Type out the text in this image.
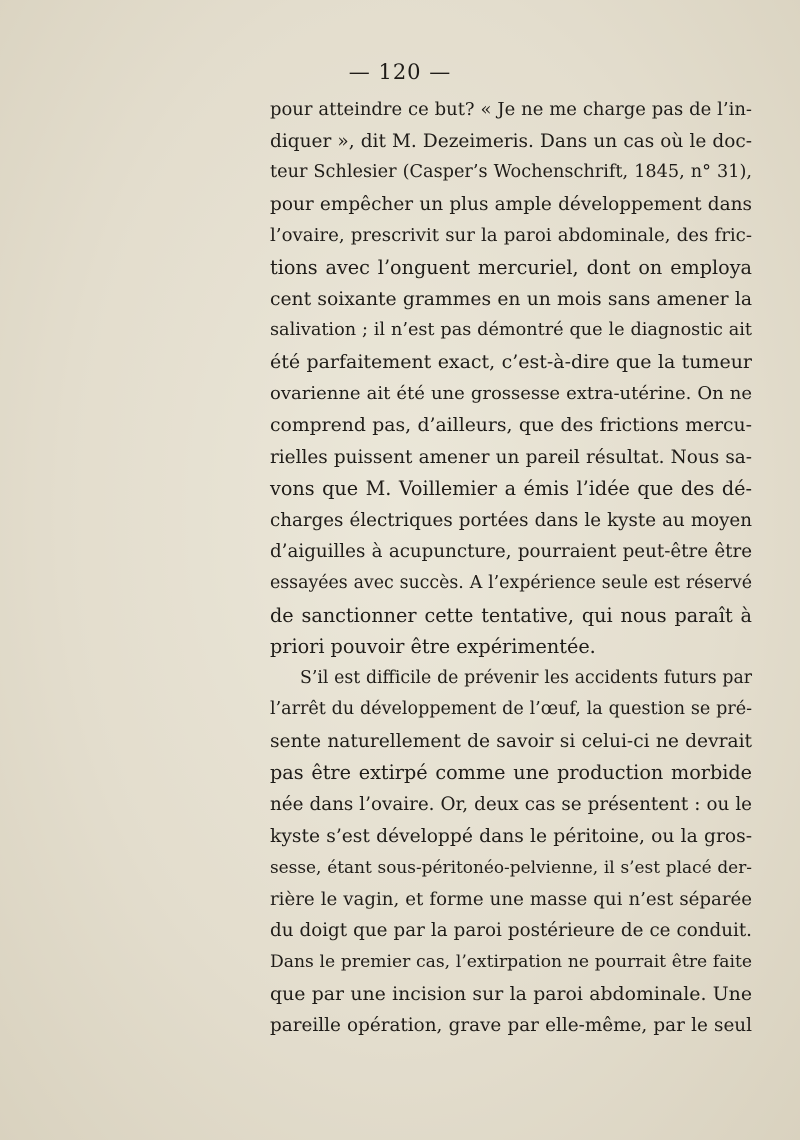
— 120 —
pour atteindre ce but? « Je ne me charge pas de l’in-
diquer », dit M. Dezeimeris. Dans un cas où le doc-
teur Schlesier (Casper’s Wochenschrift, 1845, n° 31),
pour empêcher un plus ample développement dans
l’ovaire, prescrivit sur la paroi abdominale, des fric-
tions avec l’onguent mercuriel, dont on employa
cent soixante grammes en un mois sans amener la
salivation ; il n’est pas démontré que le diagnostic ait
été parfaitement exact, c’est-à-dire que la tumeur
ovarienne ait été une grossesse extra-utérine. On ne
comprend pas, d’ailleurs, que des frictions mercu-
rielles puissent amener un pareil résultat. Nous sa-
vons que M. Voillemier a émis l’idée que des dé-
charges électriques portées dans le kyste au moyen
d’aiguilles à acupuncture, pourraient peut-être être
essayées avec succès. A l’expérience seule est réservé
de sanctionner cette tentative, qui nous paraît à
priori pouvoir être expérimentée.
S’il est difficile de prévenir les accidents futurs par
l’arrêt du développement de l’œuf, la question se pré-
sente naturellement de savoir si celui-ci ne devrait
pas être extirpé comme une production morbide
née dans l’ovaire. Or, deux cas se présentent : ou le
kyste s’est développé dans le péritoine, ou la gros-
sesse, étant sous-péritonéo-pelvienne, il s’est placé der-
rière le vagin, et forme une masse qui n’est séparée
du doigt que par la paroi postérieure de ce conduit.
Dans le premier cas, l’extirpation ne pourrait être faite
que par une incision sur la paroi abdominale. Une
pareille opération, grave par elle-même, par le seul
